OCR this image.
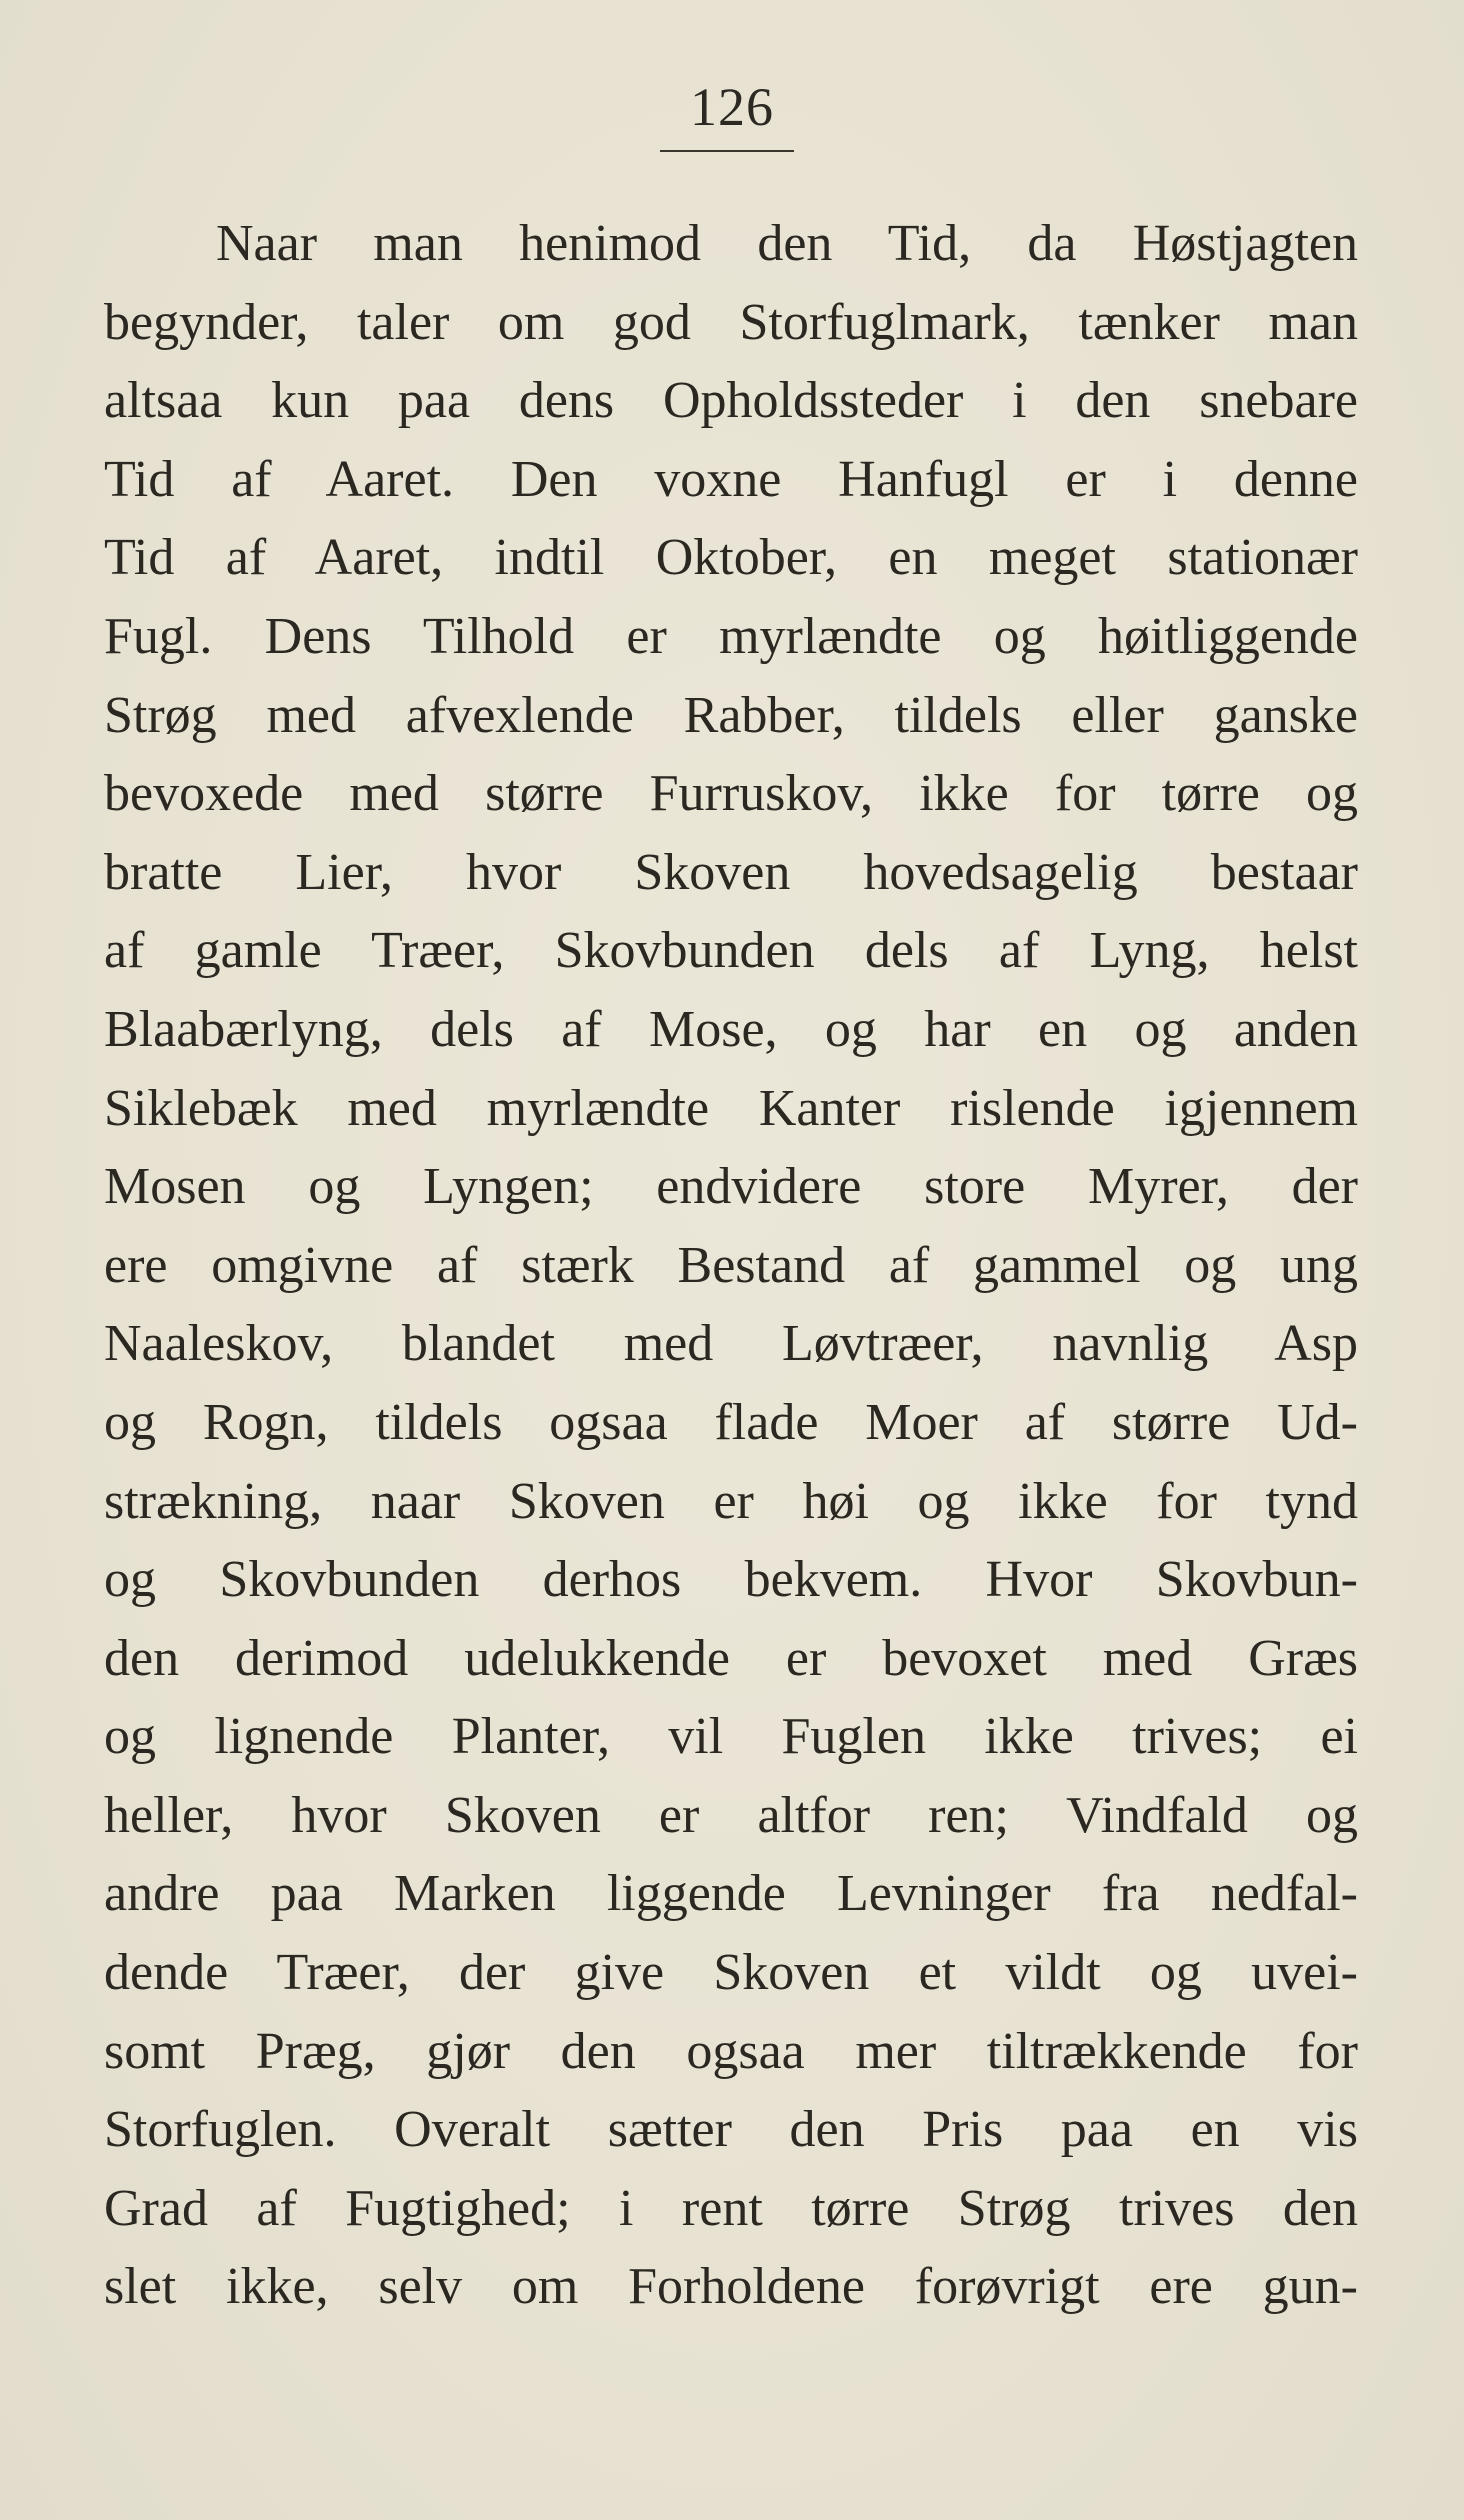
126
Naar man henimod den Tid, da Høstjagten
begynder, taler om god Storfuglmark, tænker man
altsaa kun paa dens Opholdssteder i den snebare
Tid af Aaret. Den voxne Hanfugl er i denne
Tid af Aaret, indtil Oktober, en meget stationær
Fugl. Dens Tilhold er myrlændte og høitliggende
Strøg med afvexlende Rabber, tildels eller ganske
bevoxede med større Furruskov, ikke for tørre og
bratte Lier, hvor Skoven hovedsagelig bestaar
af gamle Træer, Skovbunden dels af Lyng, helst
Blaabærlyng, dels af Mose, og har en og anden
Siklebæk med myrlændte Kanter rislende igjennem
Mosen og Lyngen; endvidere store Myrer, der
ere omgivne af stærk Bestand af gammel og ung
Naaleskov, blandet med Løvtræer, navnlig Asp
og Rogn, tildels ogsaa flade Moer af større Ud-
strækning, naar Skoven er høi og ikke for tynd
og Skovbunden derhos bekvem. Hvor Skovbun-
den derimod udelukkende er bevoxet med Græs
og lignende Planter, vil Fuglen ikke trives; ei
heller, hvor Skoven er altfor ren; Vindfald og
andre paa Marken liggende Levninger fra nedfal-
dende Træer, der give Skoven et vildt og uvei-
somt Præg, gjør den ogsaa mer tiltrækkende for
Storfuglen. Overalt sætter den Pris paa en vis
Grad af Fugtighed; i rent tørre Strøg trives den
slet ikke, selv om Forholdene forøvrigt ere gun-
